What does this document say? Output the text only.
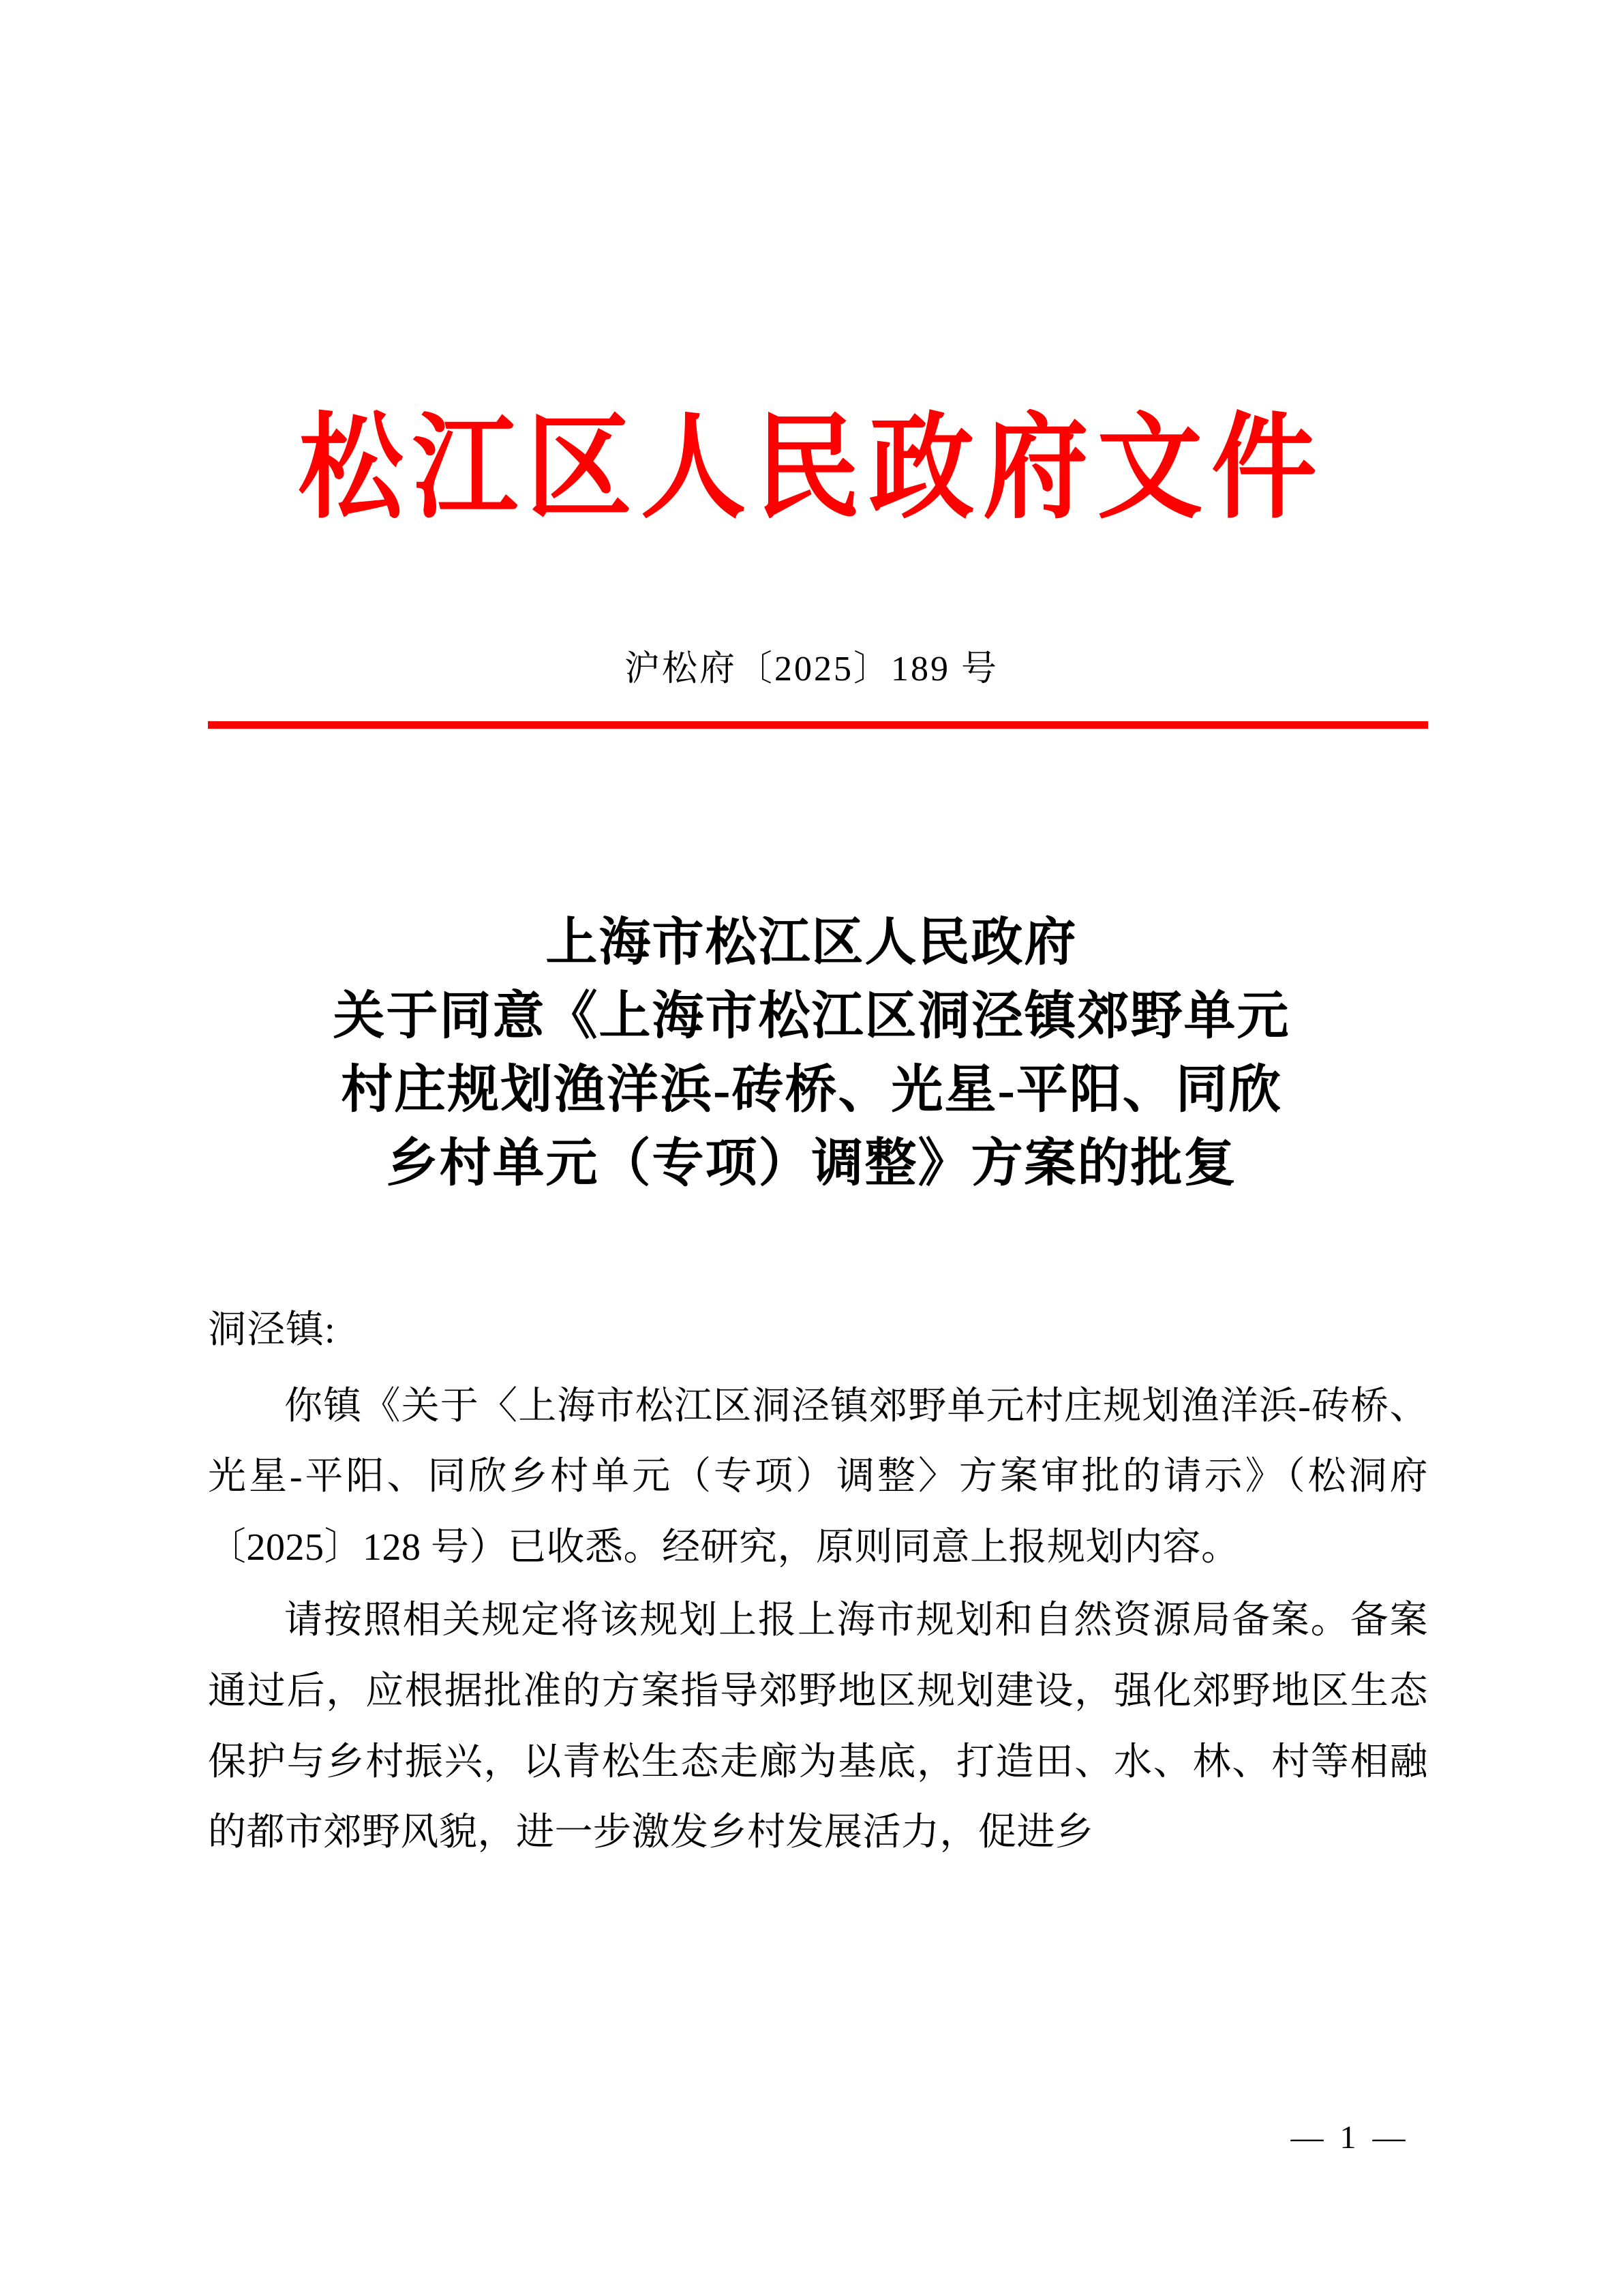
松江区人民政府文件
沪松府〔2025〕189 号
上海市松江区人民政府
关于同意《上海市松江区洞泾镇郊野单元
村庄规划渔洋浜-砖桥、光星-平阳、同欣
乡村单元（专项）调整》方案的批复

洞泾镇:

你镇《关于〈上海市松江区洞泾镇郊野单元村庄规划渔洋浜-砖桥、光星-平阳、同欣乡村单元（专项）调整〉方案审批的请示》（松洞府〔2025〕128 号）已收悉。经研究，原则同意上报规划内容。

请按照相关规定将该规划上报上海市规划和自然资源局备案。备案通过后，应根据批准的方案指导郊野地区规划建设，强化郊野地区生态保护与乡村振兴，以青松生态走廊为基底，打造田、水、林、村等相融的都市郊野风貌，进一步激发乡村发展活力，促进乡

— 1 —
